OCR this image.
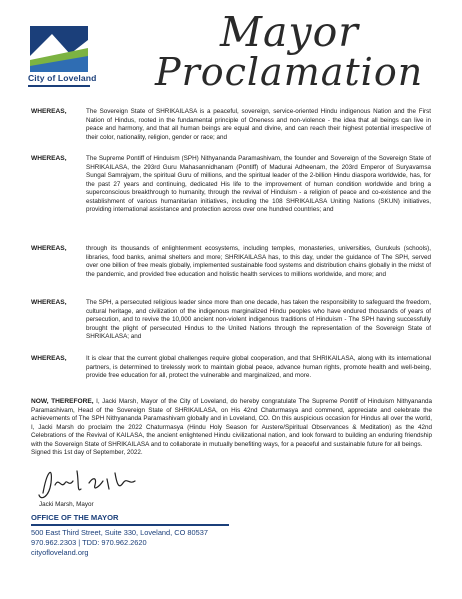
City of Loveland
Mayor
Proclamation
WHEREAS,	The Sovereign State of SHRIKAILASA is a peaceful, sovereign, service-oriented Hindu indigenous Nation and the First Nation of Hindus, rooted in the fundamental principle of Oneness and non-violence - the idea that all beings can live in peace and harmony, and that all human beings are equal and divine, and can reach their highest potential irrespective of their color, nationality, religion, gender or race; and
WHEREAS,	The Supreme Pontiff of Hinduism (SPH) Nithyananda Paramashivam, the founder and Sovereign of the Sovereign State of SHRIKAILASA, the 293rd Guru Mahasannidhanam (Pontiff) of Madurai Adheenam, the 203rd Emperor of Suryavamsa Sungal Samrajyam, the spiritual Guru of millions, and the spiritual leader of the 2-billion Hindu diaspora worldwide, has, for the past 27 years and continuing, dedicated His life to the improvement of human condition worldwide and bring a superconscious breakthrough to humanity, through the revival of Hinduism - a religion of peace and co-existence and the establishment of various humanitarian initiatives, including the 108 SHRIKAILASA Uniting Nations (SKUN) initiatives, providing international assistance and protection across over one hundred countries; and
WHEREAS,	through its thousands of enlightenment ecosystems, including temples, monasteries, universities, Gurukuls (schools), libraries, food banks, animal shelters and more; SHRIKAILASA has, to this day, under the guidance of The SPH, served over one billion of free meals globally, implemented sustainable food systems and distribution chains globally in the midst of the pandemic, and provided free education and holistic health services to millions worldwide, and more; and
WHEREAS,	The SPH, a persecuted religious leader since more than one decade, has taken the responsibility to safeguard the freedom, cultural heritage, and civilization of the indigenous marginalized Hindu peoples who have endured thousands of years of persecution, and to revive the 10,000 ancient non-violent indigenous traditions of Hinduism - The SPH having successfully brought the plight of persecuted Hindus to the United Nations through the representation of the Sovereign State of SHRIKAILASA; and
WHEREAS,	It is clear that the current global challenges require global cooperation, and that SHRIKAILASA, along with its international partners, is determined to tirelessly work to maintain global peace, advance human rights, promote health and well-being, provide free education for all, protect the vulnerable and marginalized, and more.
NOW, THEREFORE, I, Jacki Marsh, Mayor of the City of Loveland, do hereby congratulate The Supreme Pontiff of Hinduism Nithyananda Paramashivam, Head of the Sovereign State of SHRIKAILASA, on His 42nd Chaturmasya and commend, appreciate and celebrate the achievements of The SPH Nithyananda Paramashivam globally and in Loveland, CO. On this auspicious occasion for Hindus all over the world, I, Jacki Marsh do proclaim the 2022 Chaturmasya (Hindu Holy Season for Austere/Spiritual Observances & Meditation) as the 42nd Celebrations of the Revival of KAILASA, the ancient enlightened Hindu civilizational nation, and look forward to building an enduring friendship with the Sovereign State of SHRIKAILASA and to collaborate in mutually benefiting ways, for a peaceful and sustainable future for all beings.
Signed this 1st day of September, 2022.
Jacki Marsh, Mayor
OFFICE OF THE MAYOR
500 East Third Street, Suite 330, Loveland, CO 80537
970.962.2303 | TDD: 970.962.2620
cityofloveland.org
